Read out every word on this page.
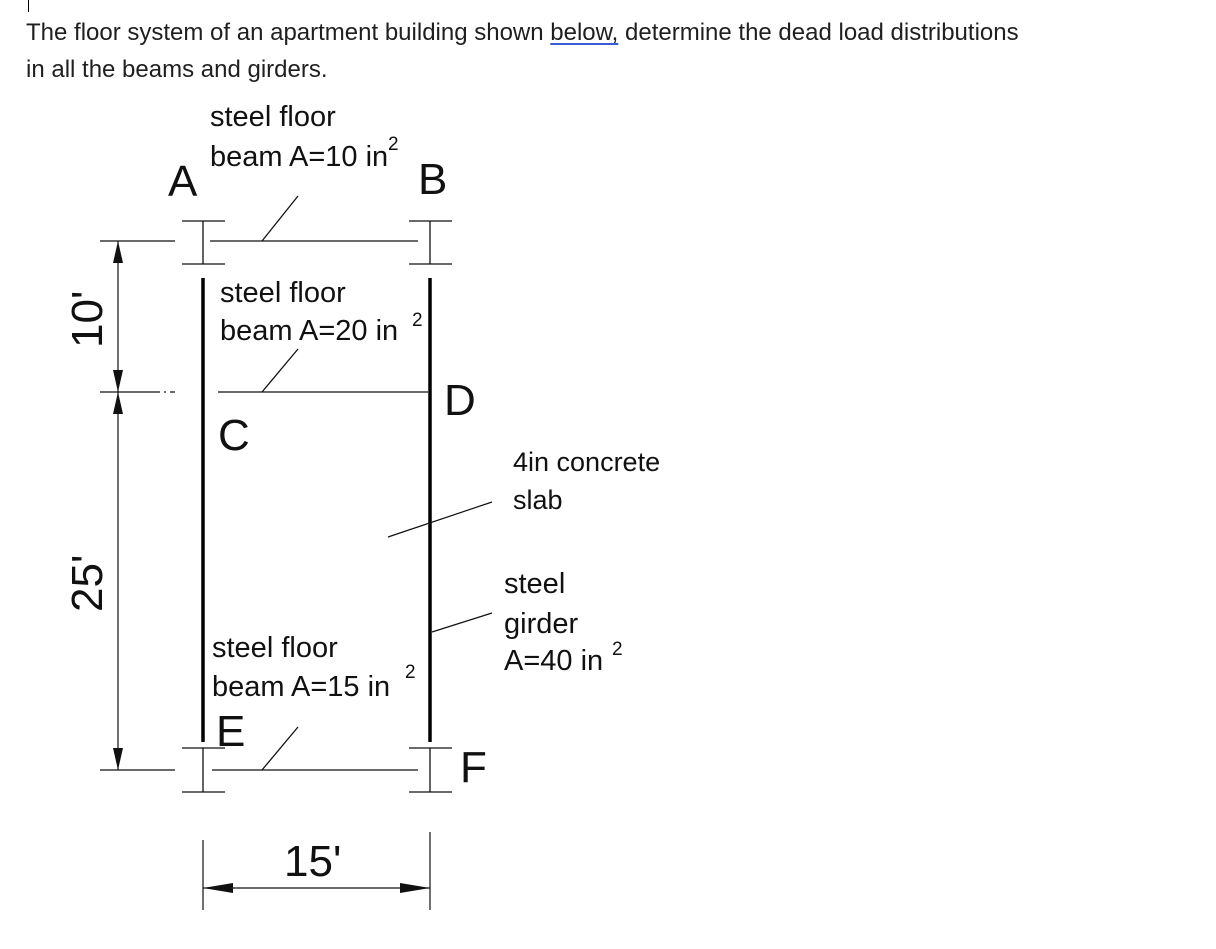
The floor system of an apartment building shown below, determine the dead load distributions
in all the beams and girders.
steel floor
beam A=10 in 2
A	B
C
D
E
F
steel floor
beam A=20 in 2
steel floor
beam A=15 in 2
4in concrete
slab
steel
girder
A=40 in 2
10'
25'
15'
